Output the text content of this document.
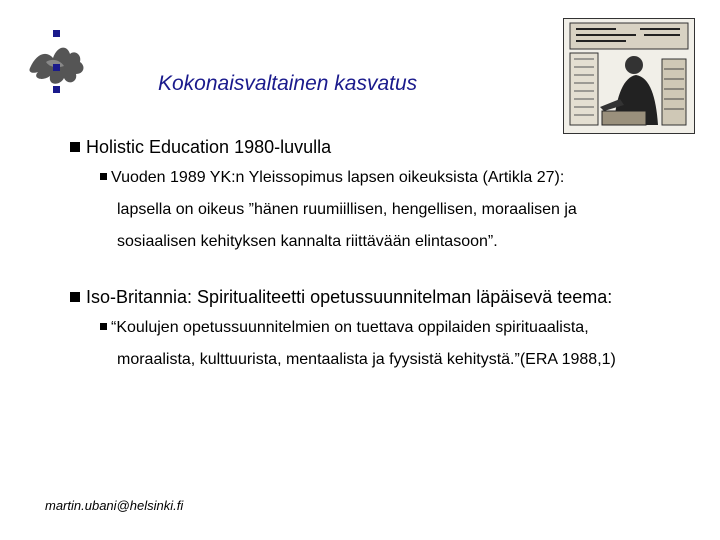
Kokonaisvaltainen kasvatus
Holistic Education 1980-luvulla
Vuoden 1989 YK:n Yleissopimus lapsen oikeuksista (Artikla 27):
lapsella on oikeus ”hänen ruumiillisen, hengellisen, moraalisen ja
sosiaalisen kehityksen kannalta riittävään elintasoon”.
Iso-Britannia: Spiritualiteetti opetussuunnitelman läpäisevä teema:
“Koulujen opetussuunnitelmien on tuettava oppilaiden spirituaalista,
moraalista, kulttuurista, mentaalista ja fyysistä kehitystä.”(ERA 1988,1)
martin.ubani@helsinki.fi
